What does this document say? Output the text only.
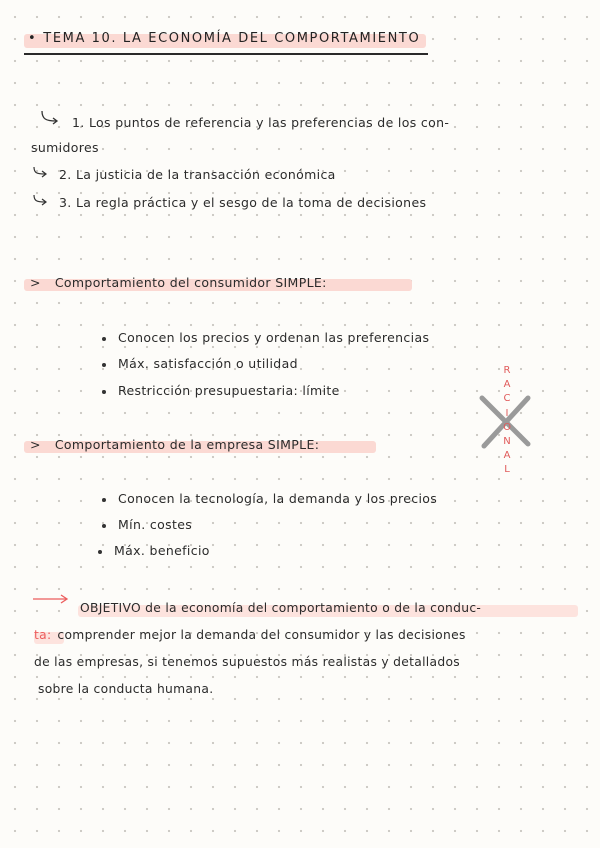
• TEMA 10. LA ECONOMÍA DEL COMPORTAMIENTO
1. Los puntos de referencia y las preferencias de los con-
sumidores
2. La justicia de la transacción económica
3. La regla práctica y el sesgo de la toma de decisiones
> Comportamiento del consumidor SIMPLE:
Conocen los precios y ordenan las preferencias
Máx. satisfacción o utilidad
Restricción presupuestaria: límite
R
A
C
I
O
N
A
L
> Comportamiento de la empresa SIMPLE:
Conocen la tecnología, la demanda y los precios
Mín. costes
Máx. beneficio
OBJETIVO de la economía del comportamiento o de la conduc-
ta: comprender mejor la demanda del consumidor y las decisiones
de las empresas, si tenemos supuestos más realistas y detallados
sobre la conducta humana.
